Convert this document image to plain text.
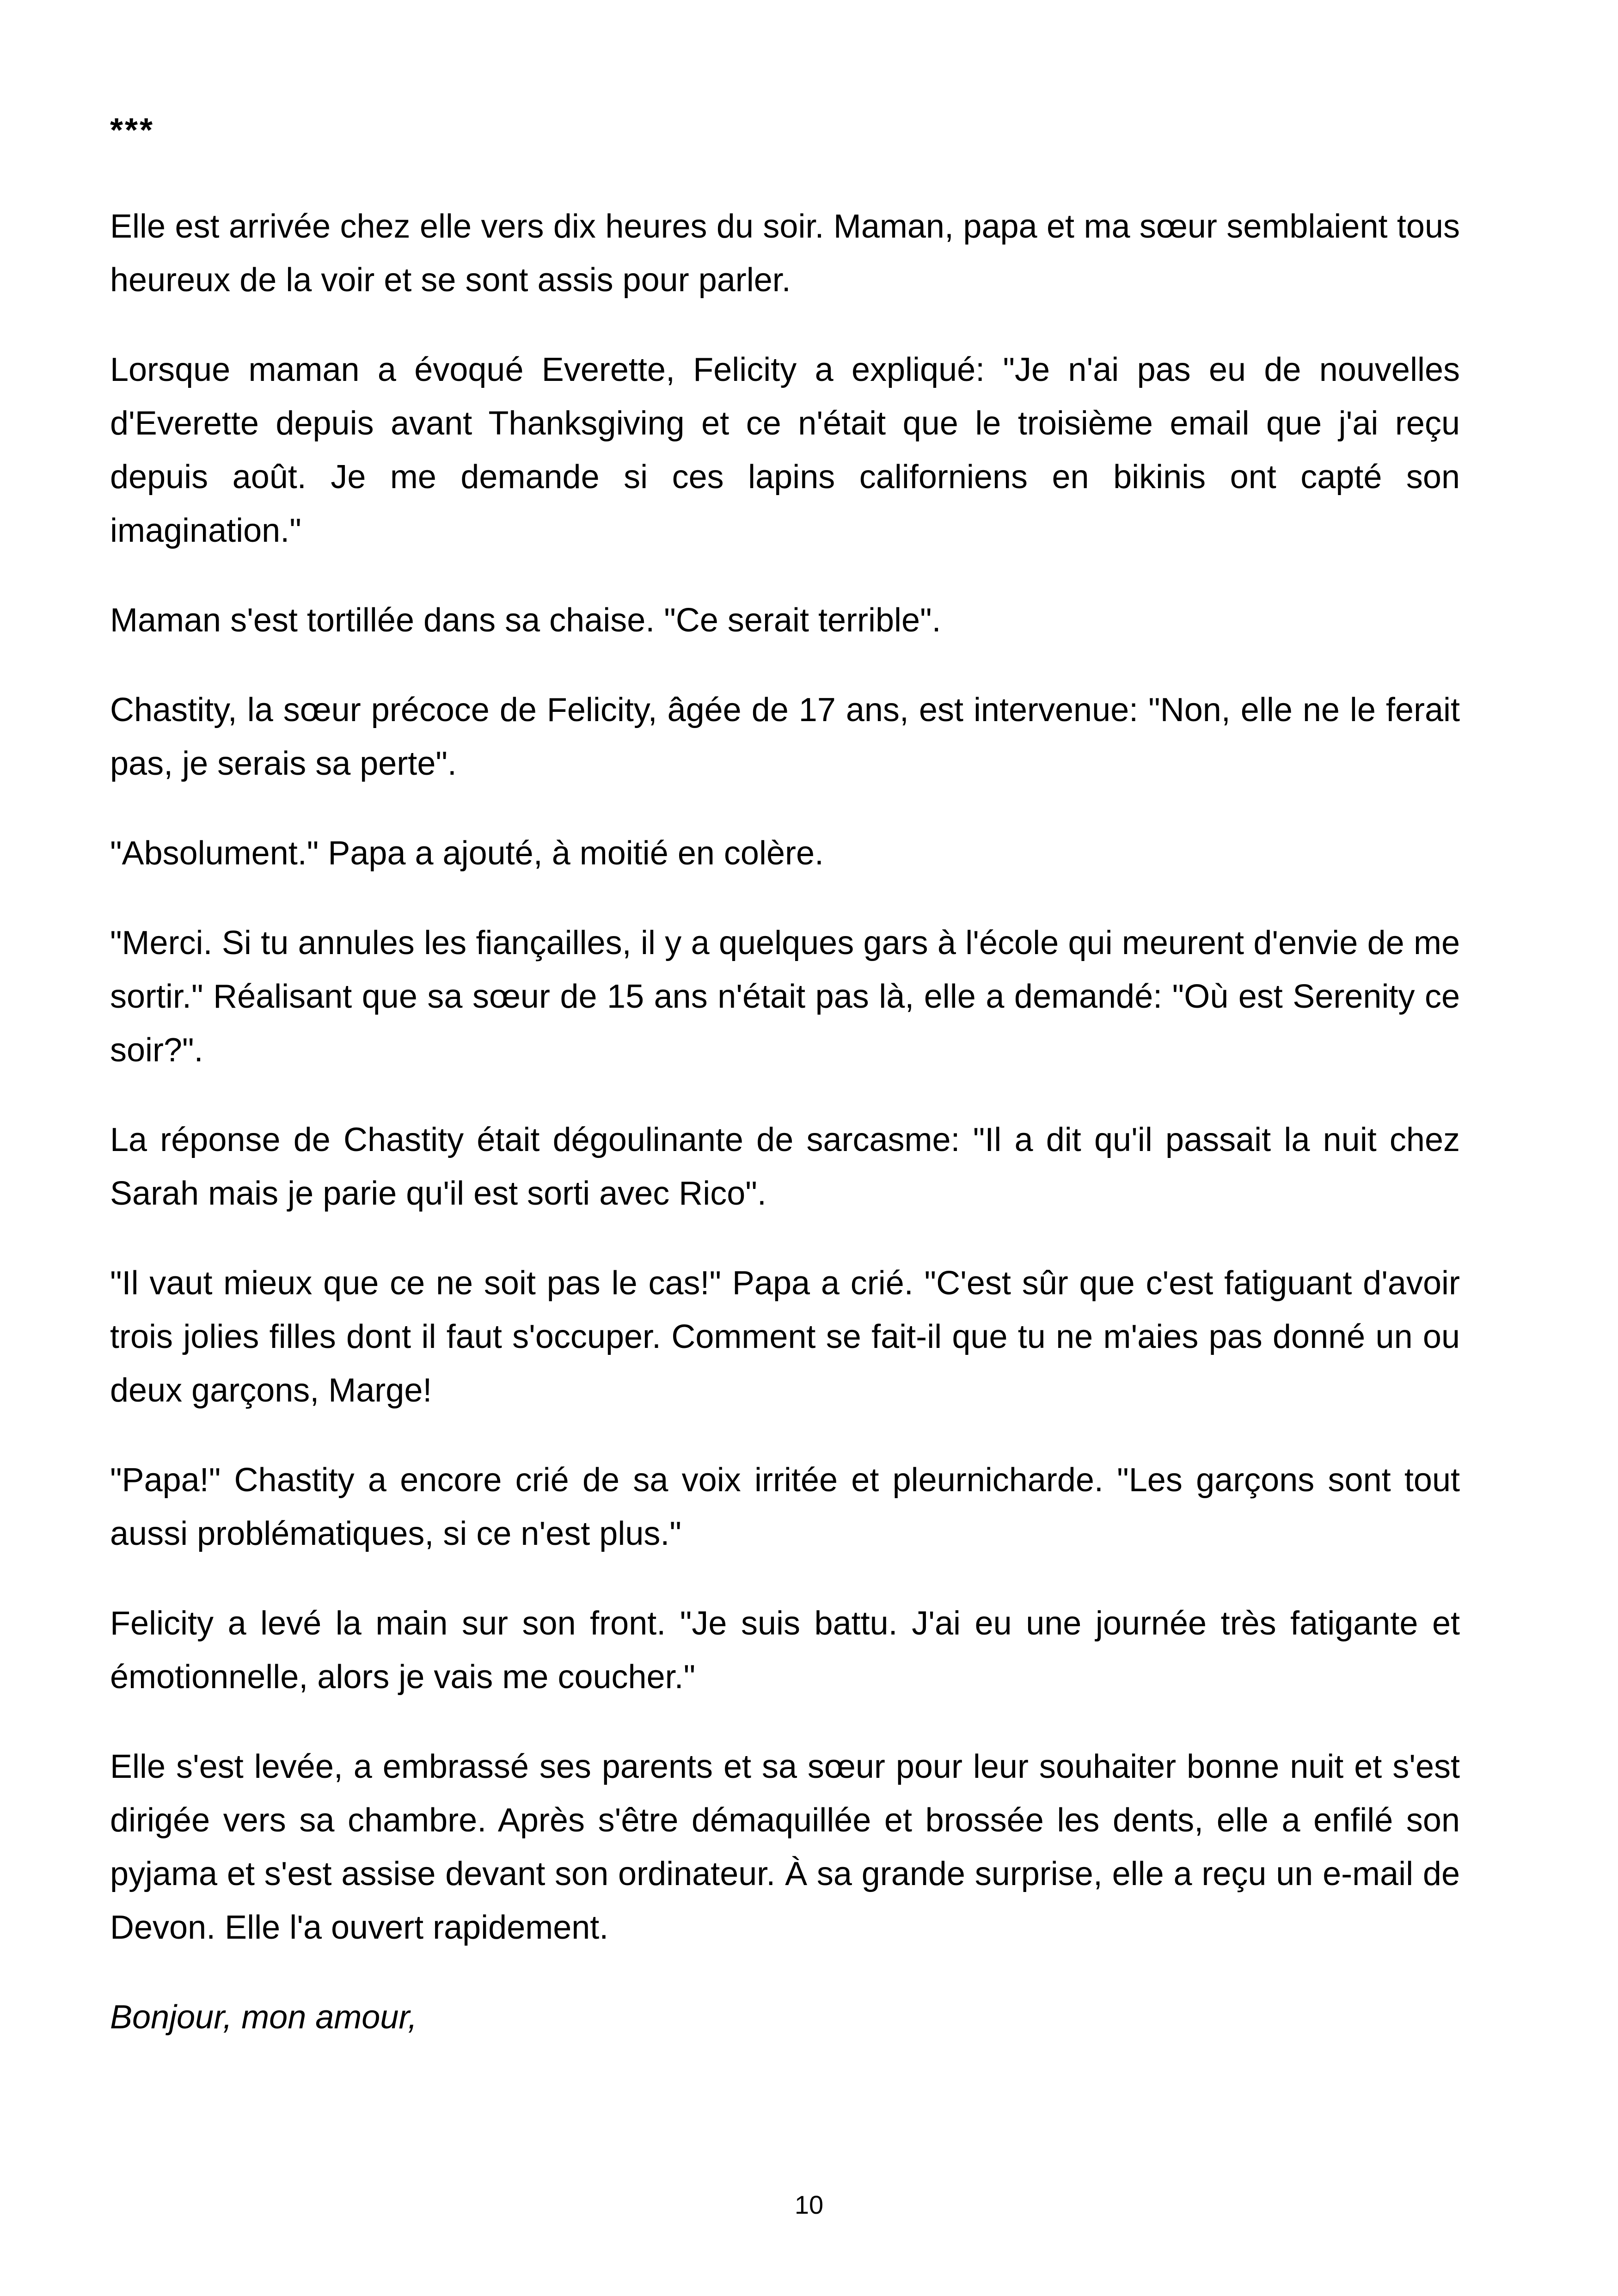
***

Elle est arrivée chez elle vers dix heures du soir. Maman, papa et ma sœur semblaient tous heureux de la voir et se sont assis pour parler.

Lorsque maman a évoqué Everette, Felicity a expliqué: "Je n'ai pas eu de nouvelles d'Everette depuis avant Thanksgiving et ce n'était que le troisième email que j'ai reçu depuis août. Je me demande si ces lapins californiens en bikinis ont capté son imagination."

Maman s'est tortillée dans sa chaise. "Ce serait terrible".

Chastity, la sœur précoce de Felicity, âgée de 17 ans, est intervenue: "Non, elle ne le ferait pas, je serais sa perte".

"Absolument." Papa a ajouté, à moitié en colère.

"Merci. Si tu annules les fiançailles, il y a quelques gars à l'école qui meurent d'envie de me sortir." Réalisant que sa sœur de 15 ans n'était pas là, elle a demandé: "Où est Serenity ce soir?".

La réponse de Chastity était dégoulinante de sarcasme: "Il a dit qu'il passait la nuit chez Sarah mais je parie qu'il est sorti avec Rico".

"Il vaut mieux que ce ne soit pas le cas!" Papa a crié. "C'est sûr que c'est fatiguant d'avoir trois jolies filles dont il faut s'occuper. Comment se fait-il que tu ne m'aies pas donné un ou deux garçons, Marge!

"Papa!" Chastity a encore crié de sa voix irritée et pleurnicharde. "Les garçons sont tout aussi problématiques, si ce n'est plus."

Felicity a levé la main sur son front. "Je suis battu. J'ai eu une journée très fatigante et émotionnelle, alors je vais me coucher."

Elle s'est levée, a embrassé ses parents et sa sœur pour leur souhaiter bonne nuit et s'est dirigée vers sa chambre. Après s'être démaquillée et brossée les dents, elle a enfilé son pyjama et s'est assise devant son ordinateur. À sa grande surprise, elle a reçu un e-mail de Devon. Elle l'a ouvert rapidement.

Bonjour, mon amour,

10
